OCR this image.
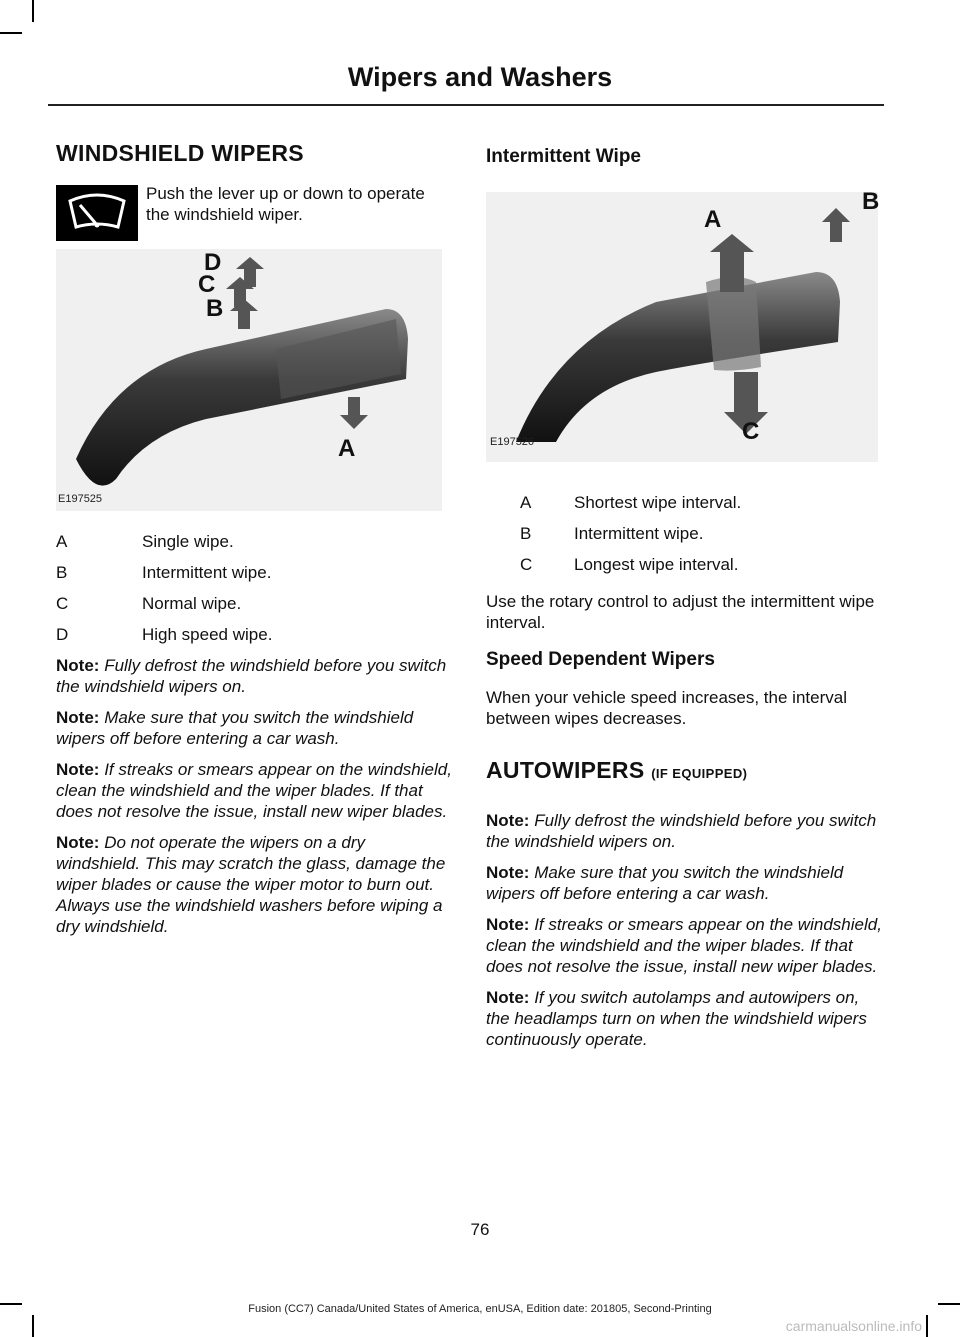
Wipers and Washers
WINDSHIELD WIPERS

Push the lever up or down to operate the windshield wiper.

D
C
B
A
E197525
A	Single wipe.
B	Intermittent wipe.
C	Normal wipe.
D	High speed wipe.

Note: Fully defrost the windshield before you switch the windshield wipers on.

Note: Make sure that you switch the windshield wipers off before entering a car wash.

Note: If streaks or smears appear on the windshield, clean the windshield and the wiper blades. If that does not resolve the issue, install new wiper blades.

Note: Do not operate the wipers on a dry windshield. This may scratch the glass, damage the wiper blades or cause the wiper motor to burn out. Always use the windshield washers before wiping a dry windshield.

Intermittent Wipe
A
B
C
E197526
A	Shortest wipe interval.
B	Intermittent wipe.
C	Longest wipe interval.

Use the rotary control to adjust the intermittent wipe interval.

Speed Dependent Wipers

When your vehicle speed increases, the interval between wipes decreases.

AUTOWIPERS (IF EQUIPPED)

Note: Fully defrost the windshield before you switch the windshield wipers on.

Note: Make sure that you switch the windshield wipers off before entering a car wash.

Note: If streaks or smears appear on the windshield, clean the windshield and the wiper blades. If that does not resolve the issue, install new wiper blades.

Note: If you switch autolamps and autowipers on, the headlamps turn on when the windshield wipers continuously operate.

76
Fusion (CC7) Canada/United States of America, enUSA, Edition date: 201805, Second-Printing
carmanualsonline.info
